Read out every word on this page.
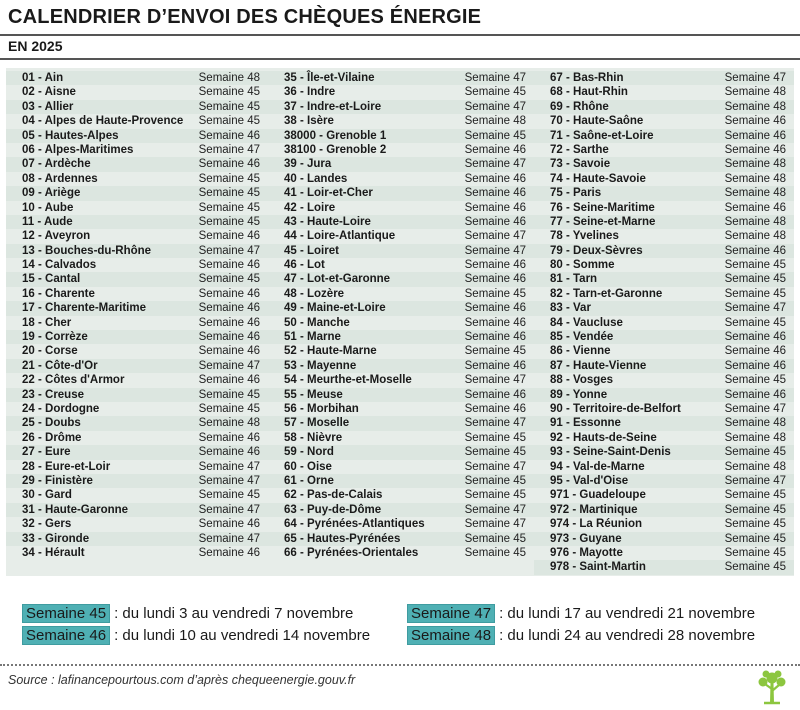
CALENDRIER D’ENVOI DES CHÈQUES ÉNERGIE
EN 2025
01 - Ain	Semaine 48
02 - Aisne	Semaine 45
03 - Allier	Semaine 45
04 - Alpes de Haute-Provence Semaine 45
05 - Hautes-Alpes	Semaine 46
06 - Alpes-Maritimes	Semaine 47
07 - Ardèche	Semaine 46
08 - Ardennes	Semaine 45
09 - Ariège	Semaine 45
10 - Aube	Semaine 45
11 - Aude	Semaine 45
12 - Aveyron	Semaine 46
13 - Bouches-du-Rhône	Semaine 47
14 - Calvados	Semaine 46
15 - Cantal	Semaine 45
16 - Charente	Semaine 46
17 - Charente-Maritime	Semaine 46
18 - Cher	Semaine 46
19 - Corrèze	Semaine 46
20 - Corse	Semaine 46
21 - Côte-d'Or	Semaine 47
22 - Côtes d'Armor	Semaine 46
23 - Creuse	Semaine 45
24 - Dordogne	Semaine 45
25 - Doubs	Semaine 48
26 - Drôme	Semaine 46
27 - Eure	Semaine 46
28 - Eure-et-Loir	Semaine 47
29 - Finistère	Semaine 47
30 - Gard	Semaine 45
31 - Haute-Garonne	Semaine 47
32 - Gers	Semaine 46
33 - Gironde	Semaine 47
34 - Hérault	Semaine 46
35 - Île-et-Vilaine	Semaine 47
36 - Indre	Semaine 45
37 - Indre-et-Loire	Semaine 47
38 - Isère	Semaine 48
38000 - Grenoble 1	Semaine 45
38100 - Grenoble 2	Semaine 46
39 - Jura	Semaine 47
40 - Landes	Semaine 46
41 - Loir-et-Cher	Semaine 46
42 - Loire	Semaine 46
43 - Haute-Loire	Semaine 46
44 - Loire-Atlantique	Semaine 47
45 - Loiret	Semaine 47
46 - Lot	Semaine 46
47 - Lot-et-Garonne	Semaine 46
48 - Lozère	Semaine 45
49 - Maine-et-Loire	Semaine 46
50 - Manche	Semaine 46
51 - Marne	Semaine 46
52 - Haute-Marne	Semaine 45
53 - Mayenne	Semaine 46
54 - Meurthe-et-Moselle	Semaine 47
55 - Meuse	Semaine 46
56 - Morbihan	Semaine 46
57 - Moselle	Semaine 47
58 - Nièvre	Semaine 45
59 - Nord	Semaine 45
60 - Oise	Semaine 47
61 - Orne	Semaine 45
62 - Pas-de-Calais	Semaine 45
63 - Puy-de-Dôme	Semaine 47
64 - Pyrénées-Atlantiques	Semaine 47
65 - Hautes-Pyrénées	Semaine 45
66 - Pyrénées-Orientales	Semaine 45
67 - Bas-Rhin	Semaine 47
68 - Haut-Rhin	Semaine 48
69 - Rhône	Semaine 48
70 - Haute-Saône	Semaine 46
71 - Saône-et-Loire	Semaine 46
72 - Sarthe	Semaine 46
73 - Savoie	Semaine 48
74 - Haute-Savoie	Semaine 48
75 - Paris	Semaine 48
76 - Seine-Maritime	Semaine 46
77 - Seine-et-Marne	Semaine 48
78 - Yvelines	Semaine 48
79 - Deux-Sèvres	Semaine 46
80 - Somme	Semaine 45
81 - Tarn	Semaine 45
82 - Tarn-et-Garonne	Semaine 45
83 - Var	Semaine 47
84 - Vaucluse	Semaine 45
85 - Vendée	Semaine 46
86 - Vienne	Semaine 46
87 - Haute-Vienne	Semaine 46
88 - Vosges	Semaine 45
89 - Yonne	Semaine 46
90 - Territoire-de-Belfort	Semaine 47
91 - Essonne	Semaine 48
92 - Hauts-de-Seine	Semaine 48
93 - Seine-Saint-Denis	Semaine 45
94 - Val-de-Marne	Semaine 48
95 - Val-d'Oise	Semaine 47
971 - Guadeloupe	Semaine 45
972 - Martinique	Semaine 45
974 - La Réunion	Semaine 45
973 - Guyane	Semaine 45
976 - Mayotte	Semaine 45
978 - Saint-Martin	Semaine 45
Semaine 45 : du lundi 3 au vendredi 7 novembre
Semaine 46 : du lundi 10 au vendredi 14 novembre
Semaine 47 : du lundi 17 au vendredi 21 novembre
Semaine 48 : du lundi 24 au vendredi 28 novembre
Source : lafinancepourtous.com d’après chequeenergie.gouv.fr
